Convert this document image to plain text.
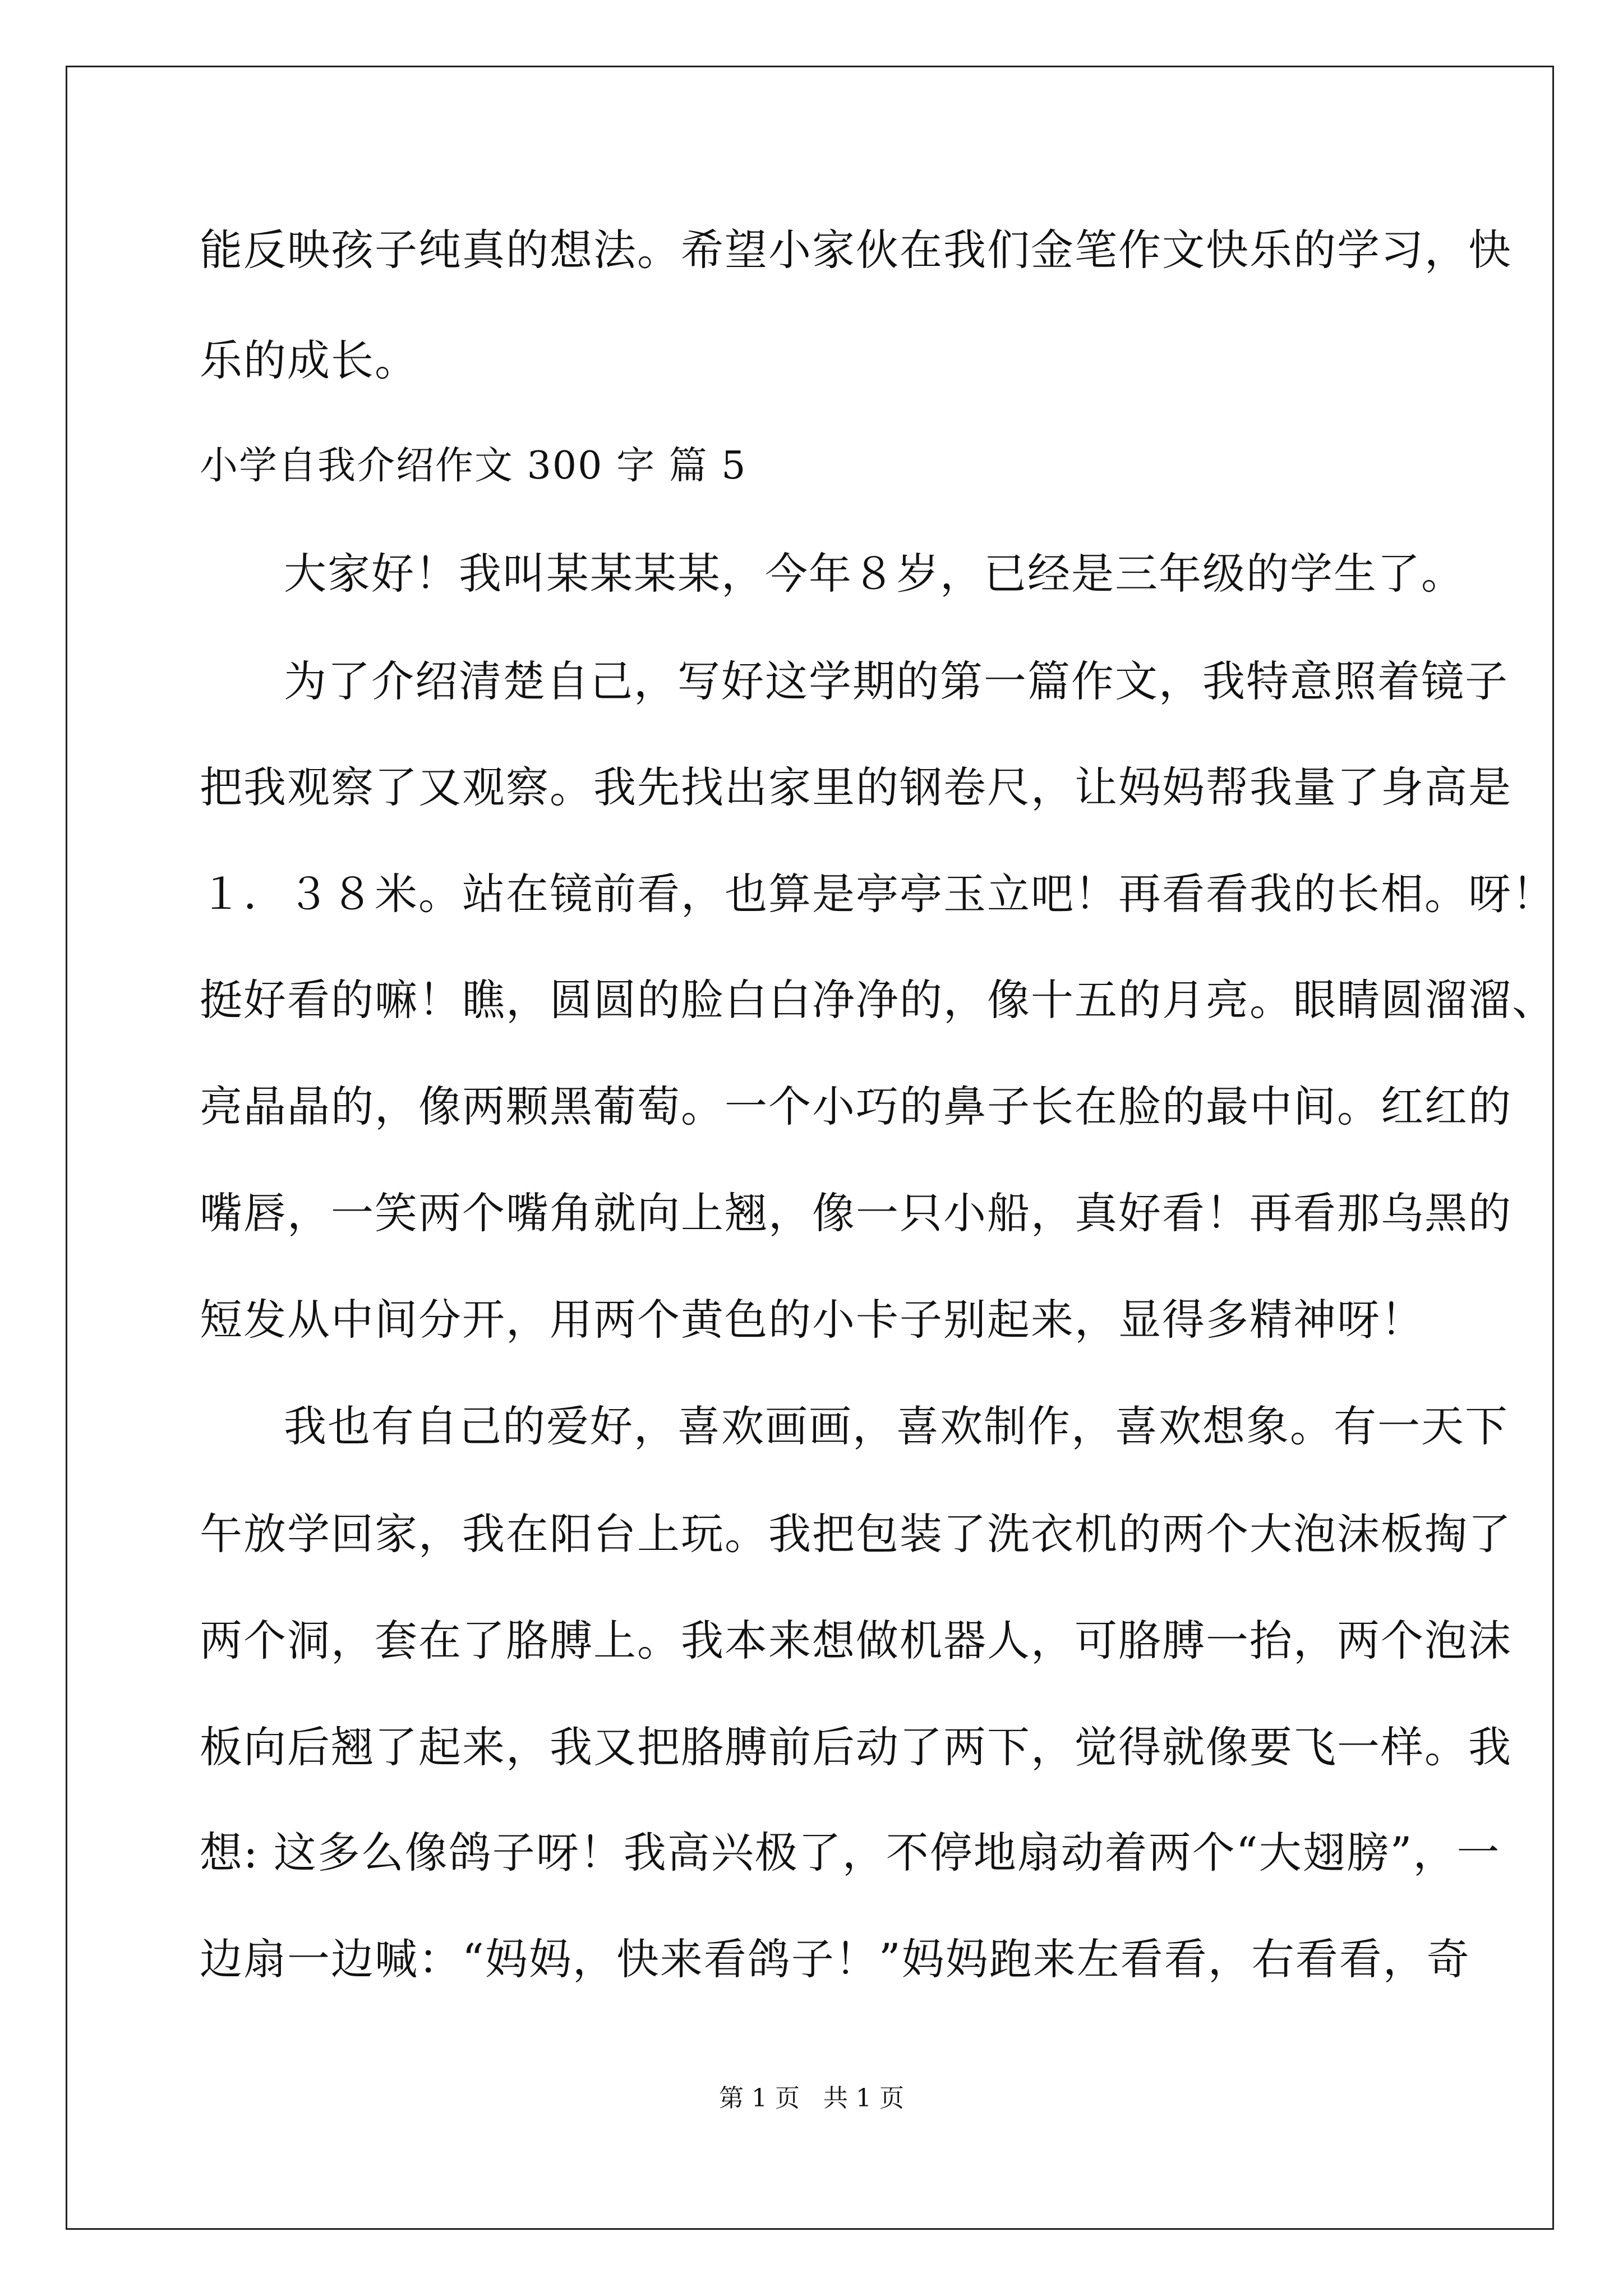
能反映孩子纯真的想法。希望小家伙在我们金笔作文快乐的学习，快
乐的成长。
小学自我介绍作文 300 字 篇 5
大家好！我叫某某某某，今年８岁，已经是三年级的学生了。
为了介绍清楚自己，写好这学期的第一篇作文，我特意照着镜子
把我观察了又观察。我先找出家里的钢卷尺，让妈妈帮我量了身高是
１．３８米。站在镜前看，也算是亭亭玉立吧！再看看我的长相。呀！
挺好看的嘛！瞧，圆圆的脸白白净净的，像十五的月亮。眼睛圆溜溜、
亮晶晶的，像两颗黑葡萄。一个小巧的鼻子长在脸的最中间。红红的
嘴唇，一笑两个嘴角就向上翘，像一只小船，真好看！再看那乌黑的
短发从中间分开，用两个黄色的小卡子别起来，显得多精神呀！
我也有自己的爱好，喜欢画画，喜欢制作，喜欢想象。有一天下
午放学回家，我在阳台上玩。我把包装了洗衣机的两个大泡沫板掏了
两个洞，套在了胳膊上。我本来想做机器人，可胳膊一抬，两个泡沫
板向后翘了起来，我又把胳膊前后动了两下，觉得就像要飞一样。我
想: 这多么像鸽子呀！我高兴极了，不停地扇动着两个“大翅膀”，一
边扇一边喊：“妈妈，快来看鸽子！”妈妈跑来左看看，右看看，奇
第 1 页   共 1 页
